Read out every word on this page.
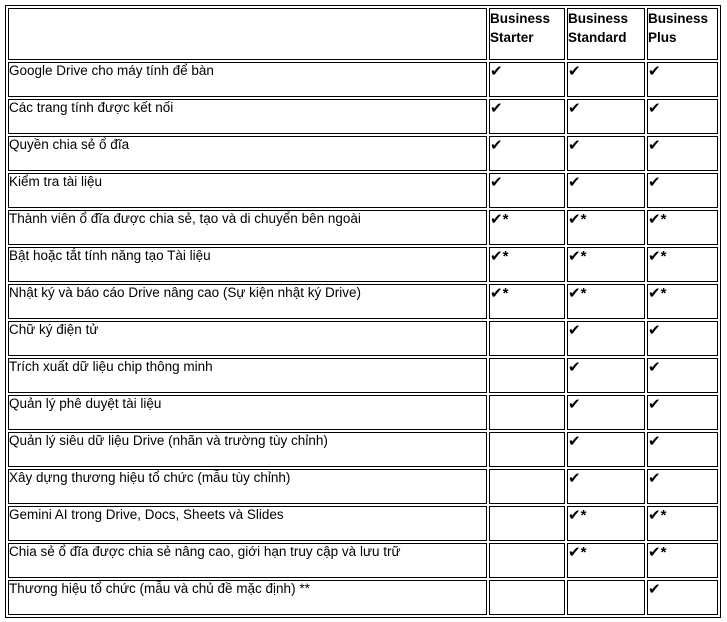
	Business Starter	Business Standard	Business Plus
Google Drive cho máy tính để bàn	✔	✔	✔
Các trang tính được kết nối	✔	✔	✔
Quyền chia sẻ ổ đĩa	✔	✔	✔
Kiểm tra tài liệu	✔	✔	✔
Thành viên ổ đĩa được chia sẻ, tạo và di chuyển bên ngoài	✔*	✔*	✔*
Bật hoặc tắt tính năng tạo Tài liệu	✔*	✔*	✔*
Nhật ký và báo cáo Drive nâng cao (Sự kiện nhật ký Drive)	✔*	✔*	✔*
Chữ ký điện tử		✔	✔
Trích xuất dữ liệu chip thông minh		✔	✔
Quản lý phê duyệt tài liệu		✔	✔
Quản lý siêu dữ liệu Drive (nhãn và trường tùy chỉnh)		✔	✔
Xây dựng thương hiệu tổ chức (mẫu tùy chỉnh)		✔	✔
Gemini AI trong Drive, Docs, Sheets và Slides		✔*	✔*
Chia sẻ ổ đĩa được chia sẻ nâng cao, giới hạn truy cập và lưu trữ		✔*	✔*
Thương hiệu tổ chức (mẫu và chủ đề mặc định) **			✔
